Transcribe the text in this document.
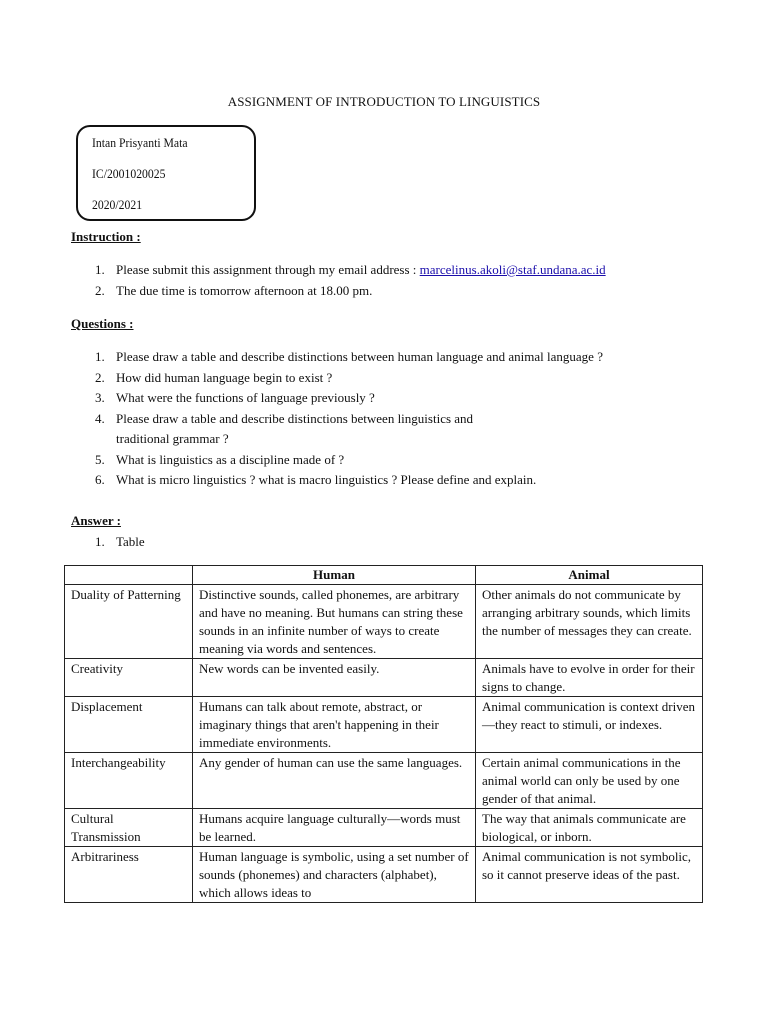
ASSIGNMENT OF INTRODUCTION TO LINGUISTICS
Intan Prisyanti Mata
IC/2001020025
2020/2021
Instruction :
1. Please submit this assignment through my email address : marcelinus.akoli@staf.undana.ac.id
2. The due time is tomorrow afternoon at 18.00 pm.
Questions :
1. Please draw a table and describe distinctions between human language and animal language ?
2. How did human language begin to exist ?
3. What were the functions of language previously ?
4. Please draw a table and describe distinctions between linguistics and
traditional grammar ?
5. What is linguistics as a discipline made of ?
6. What is micro linguistics ? what is macro linguistics ? Please define and explain.
Answer :
1. Table
	Human	Animal
Duality of Patterning	Distinctive sounds, called phonemes, are arbitrary and have no meaning. But humans can string these sounds in an infinite number of ways to create meaning via words and sentences.	Other animals do not communicate by arranging arbitrary sounds, which limits the number of messages they can create.
Creativity	New words can be invented easily.	Animals have to evolve in order for their signs to change.
Displacement	Humans can talk about remote, abstract, or imaginary things that aren't happening in their immediate environments.	Animal communication is context driven—they react to stimuli, or indexes.
Interchangeability	Any gender of human can use the same languages.	Certain animal communications in the animal world can only be used by one gender of that animal.
Cultural Transmission	Humans acquire language culturally—words must be learned.	The way that animals communicate are biological, or inborn.
Arbitrariness	Human language is symbolic, using a set number of sounds (phonemes) and characters (alphabet), which allows ideas to	Animal communication is not symbolic, so it cannot preserve ideas of the past.
